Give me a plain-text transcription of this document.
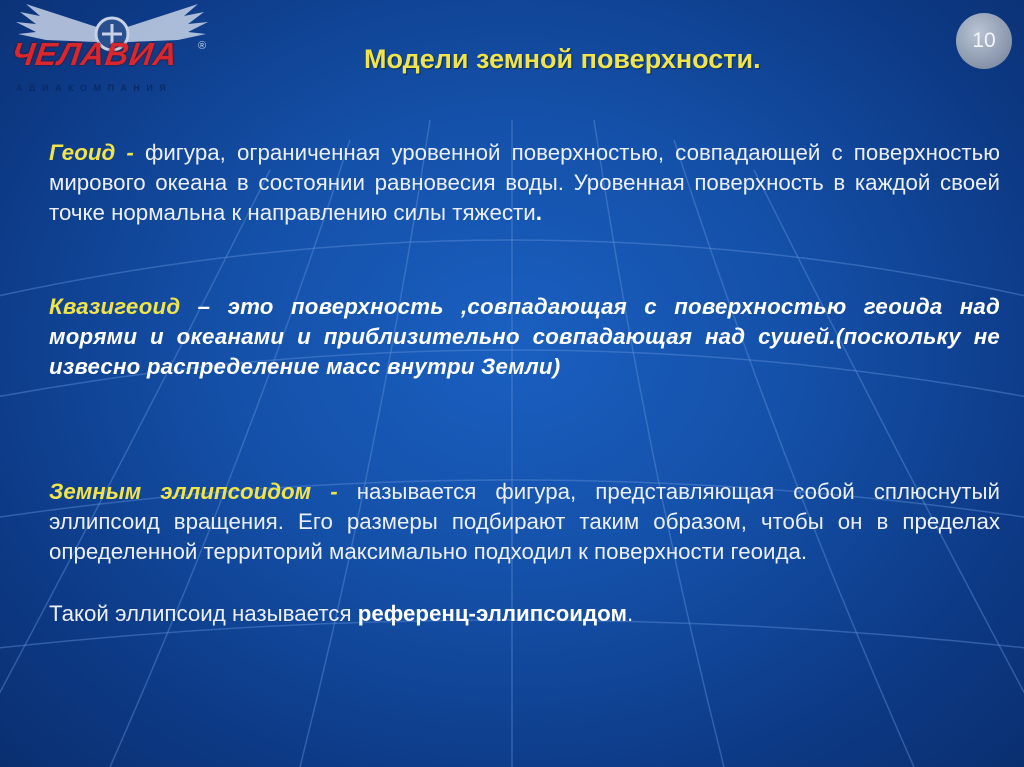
ЧЕЛАВИА ®
АВИАКОМПАНИЯ
10
Модели земной поверхности.
Геоид - фигура, ограниченная уровенной поверхностью, совпадающей с поверхностью мирового океана в состоянии равновесия воды. Уровенная поверхность в каждой своей точке нормальна к направлению силы тяжести.
Квазигеоид – это поверхность ,совпадающая с поверхностью геоида над морями и океанами и приблизительно совпадающая над сушей.(поскольку не извесно распределение масс внутри Земли)
Земным эллипсоидом - называется фигура, представляющая собой сплюснутый эллипсоид вращения. Его размеры подбирают таким образом, чтобы он в пределах определенной территорий максимально подходил к поверхности геоида.
Такой эллипсоид называется референц-эллипсоидом.
